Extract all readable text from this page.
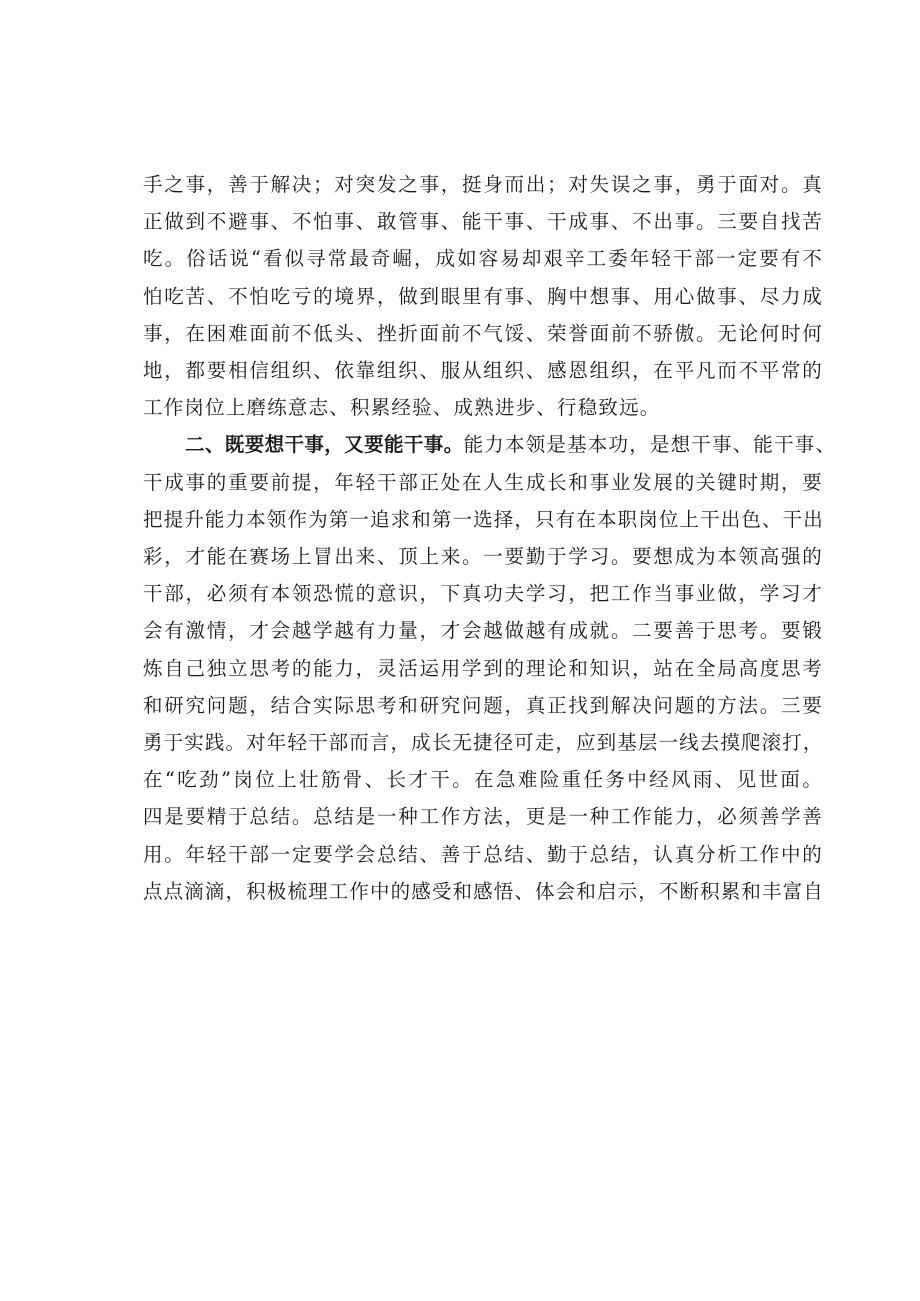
手之事，善于解决；对突发之事，挺身而出；对失误之事，勇于面对。真
正做到不避事、不怕事、敢管事、能干事、干成事、不出事。三要自找苦
吃。俗话说“看似寻常最奇崛，成如容易却艰辛工委年轻干部一定要有不
怕吃苦、不怕吃亏的境界，做到眼里有事、胸中想事、用心做事、尽力成
事，在困难面前不低头、挫折面前不气馁、荣誉面前不骄傲。无论何时何
地，都要相信组织、依靠组织、服从组织、感恩组织，在平凡而不平常的
工作岗位上磨练意志、积累经验、成熟进步、行稳致远。
二、既要想干事，又要能干事。能力本领是基本功，是想干事、能干事、
干成事的重要前提，年轻干部正处在人生成长和事业发展的关键时期，要
把提升能力本领作为第一追求和第一选择，只有在本职岗位上干出色、干出
彩，才能在赛场上冒出来、顶上来。一要勤于学习。要想成为本领高强的
干部，必须有本领恐慌的意识，下真功夫学习，把工作当事业做，学习才
会有激情，才会越学越有力量，才会越做越有成就。二要善于思考。要锻
炼自己独立思考的能力，灵活运用学到的理论和知识，站在全局高度思考
和研究问题，结合实际思考和研究问题，真正找到解决问题的方法。三要
勇于实践。对年轻干部而言，成长无捷径可走，应到基层一线去摸爬滚打，
在“吃劲”岗位上壮筋骨、长才干。在急难险重任务中经风雨、见世面。
四是要精于总结。总结是一种工作方法，更是一种工作能力，必须善学善
用。年轻干部一定要学会总结、善于总结、勤于总结，认真分析工作中的
点点滴滴，积极梳理工作中的感受和感悟、体会和启示，不断积累和丰富自
